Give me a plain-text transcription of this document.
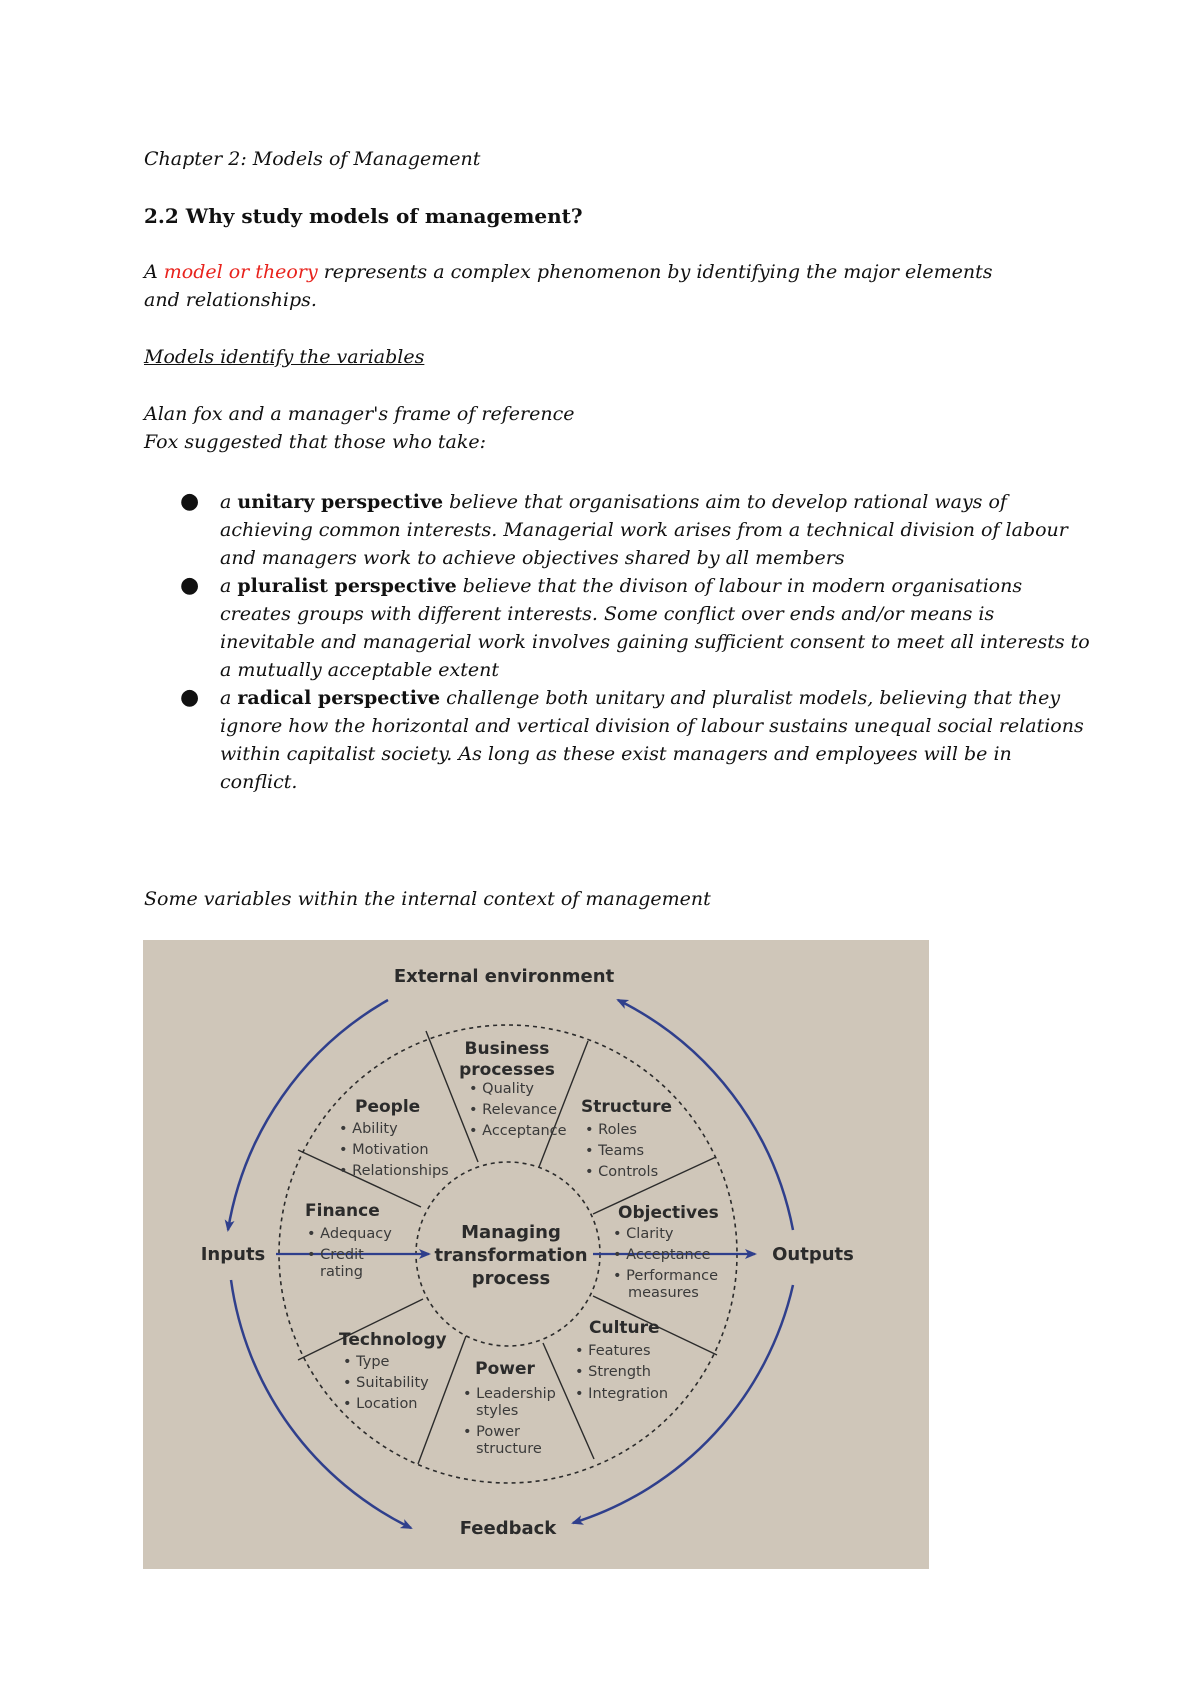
Chapter 2: Models of Management
2.2 Why study models of management?
A model or theory represents a complex phenomenon by identifying the major elements
and relationships.
Models identify the variables
Alan fox and a manager's frame of reference
Fox suggested that those who take:
● a unitary perspective believe that organisations aim to develop rational ways of achieving common interests. Managerial work arises from a technical division of labour and managers work to achieve objectives shared by all members
● a pluralist perspective believe that the divison of labour in modern organisations creates groups with different interests. Some conflict over ends and/or means is inevitable and managerial work involves gaining sufficient consent to meet all interests to a mutually acceptable extent
● a radical perspective challenge both unitary and pluralist models, believing that they ignore how the horizontal and vertical division of labour sustains unequal social relations within capitalist society. As long as these exist managers and employees will be in conflict.
Some variables within the internal context of management
External environment
Inputs	Outputs
Feedback
Managing
transformation
process
Business
processes
• Quality
• Relevance
• Acceptance
Structure
• Roles
• Teams
• Controls
Objectives
• Clarity
• Acceptance
• Performance
measures
Culture
• Features
• Strength
• Integration
Power
• Leadership
styles
• Power
structure
Technology
• Type
• Suitability
• Location
Finance
• Adequacy
• Credit
rating
People
• Ability
• Motivation
• Relationships
